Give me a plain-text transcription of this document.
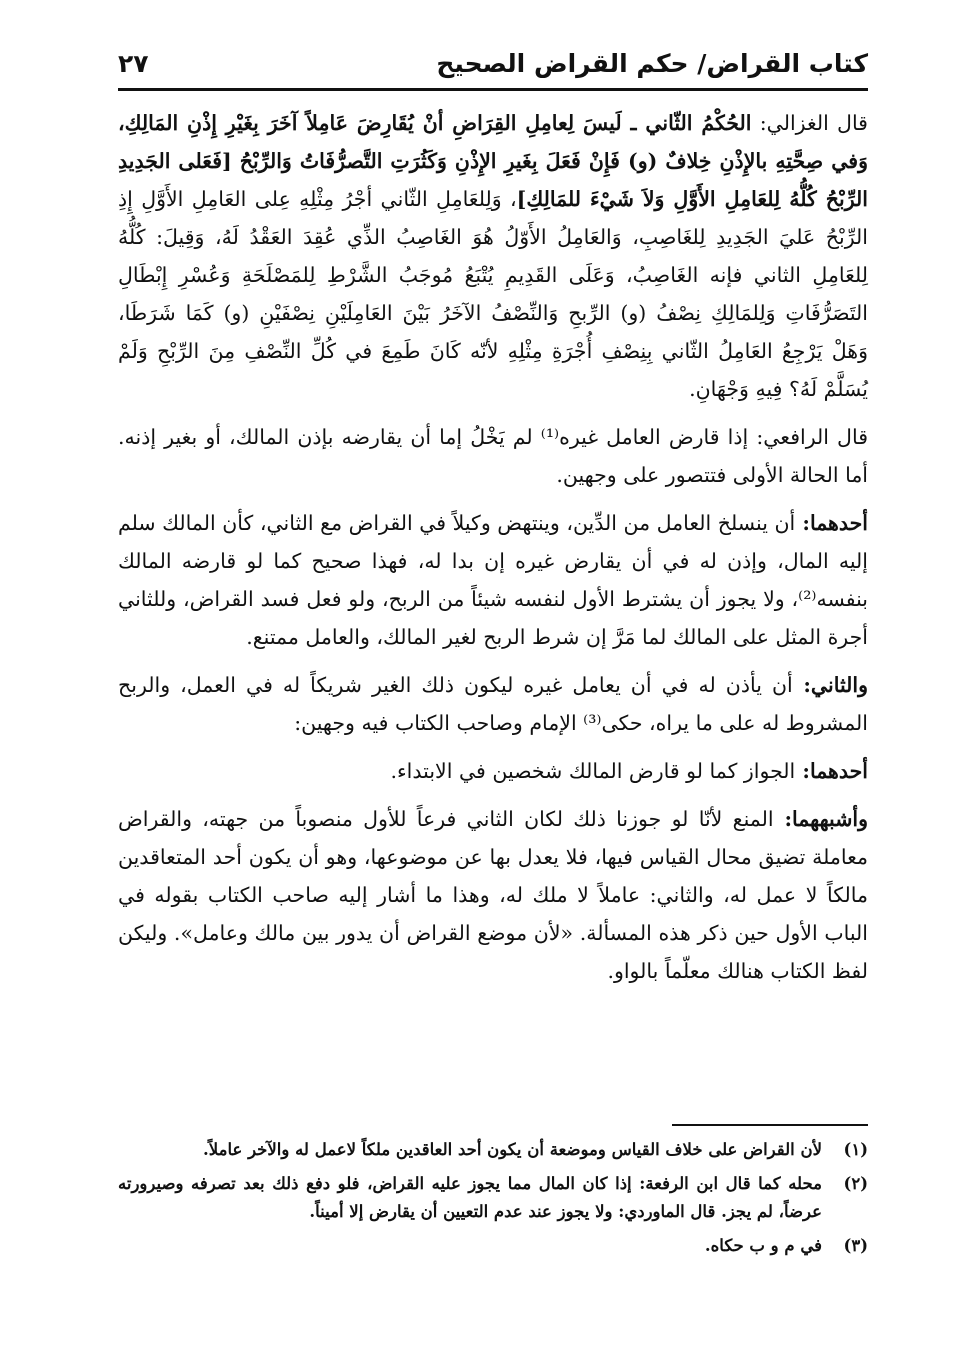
كتاب القراض/ حكم القراض الصحيح
٢٧

قال الغزالي: الحُكْمُ الثّاني ـ لَيسَ لِعامِلِ القِرَاضِ أنْ يُقَارِضَ عَامِلاً آخَرَ بِغَيْرِ إِذْنِ المَالِكِ، وَفي صِحَّتِهِ بالإِذْنِ خِلافٌ (و) فَإِنْ فَعَلَ بِغَيرِ الإِذْنِ وَكَثُرَتِ التَّصرُّفَاتُ وَالرِّبْحُ [فَعَلى الجَدِيدِ الرِّبْحُ كُلُّهُ لِلعَامِلِ الأَوَّلِ وَلاَ شَيْءَ للمَالِكِ]، وَلِلعَامِلِ الثّاني أجْرُ مِثْلِهِ عِلى العَامِلِ الأَوَّلِ إِذِ الرِّبْحُ عَليَ الجَدِيدِ لِلغَاصِبِ، وَالعَامِلُ الأَوّلُ هُوَ الغَاصِبُ الذِّي عُقِدَ العَقْدُ لَهُ، وَقِيلَ: كُلُّهُ لِلعَامِلِ الثاني فإنه الغَاصِبُ، وَعَلَى القَدِيمِ يُتْبَعُ مُوجَبُ الشَّرْطِ لِلمَصْلَحَةِ وَعُسْرِ إِبْطَالِ التَصَرُّفَاتِ وَلِلمَالِكِ نِصْفُ (و) الرِّبحِ وَالنِّصْفُ الآخَرُ بَيْنَ العَامِلَيْنِ نِصْفَيْنِ (و) كَمَا شَرَطَا، وَهَلْ يَرْجِعُ العَامِلُ الثّاني بِنِصْفِ أُجْرَةِ مِثْلِهِ لأنّه كَانَ طَمِعَ في كُلِّ النِّصْفِ مِنَ الرِّبْحِ وَلَمْ يُسَلَّمْ لَهُ؟ فِيهِ وَجْهَانِ.

قال الرافعي: إذا قارض العامل غيره⁽¹⁾ لم يَخْلُ إما أن يقارضه بإذن المالك، أو بغير إذنه. أما الحالة الأولى فتتصور على وجهين.

أحدهما: أن ينسلخ العامل من الدِّين، وينتهض وكيلاً في القراض مع الثاني، كأن المالك سلم إليه المال، وإذن له في أن يقارض غيره إن بدا له، فهذا صحيح كما لو قارضه المالك بنفسه⁽²⁾، ولا يجوز أن يشترط الأول لنفسه شيئاً من الربح، ولو فعل فسد القراض، وللثاني أجرة المثل على المالك لما مَرَّ إن شرط الربح لغير المالك، والعامل ممتنع.

والثاني: أن يأذن له في أن يعامل غيره ليكون ذلك الغير شريكاً له في العمل، والربح المشروط له على ما يراه، حكى⁽³⁾ الإمام وصاحب الكتاب فيه وجهين:

أحدهما: الجواز كما لو قارض المالك شخصين في الابتداء.

وأشبههما: المنع لأنّا لو جوزنا ذلك لكان الثاني فرعاً للأول منصوباً من جهته، والقراض معاملة تضيق محال القياس فيها، فلا يعدل بها عن موضوعها، وهو أن يكون أحد المتعاقدين مالكاً لا عمل له، والثاني: عاملاً لا ملك له، وهذا ما أشار إليه صاحب الكتاب بقوله في الباب الأول حين ذكر هذه المسألة. «لأن موضع القراض أن يدور بين مالك وعامل». وليكن لفظ الكتاب هنالك معلّماً بالواو.

(١)
لأن القراض على خلاف القياس وموضعة أن يكون أحد العاقدين ملكاً لاعمل له والآخر عاملاً.
(٢)
محله كما قال ابن الرفعة: إذا كان المال مما يجوز عليه القراض، فلو دفع ذلك بعد تصرفه وصيرورته عرضاً، لم يجز. قال الماوردي: ولا يجوز عند عدم التعيين أن يقارض إلا أميناً.
(٣)
في م و ب حكاه.
